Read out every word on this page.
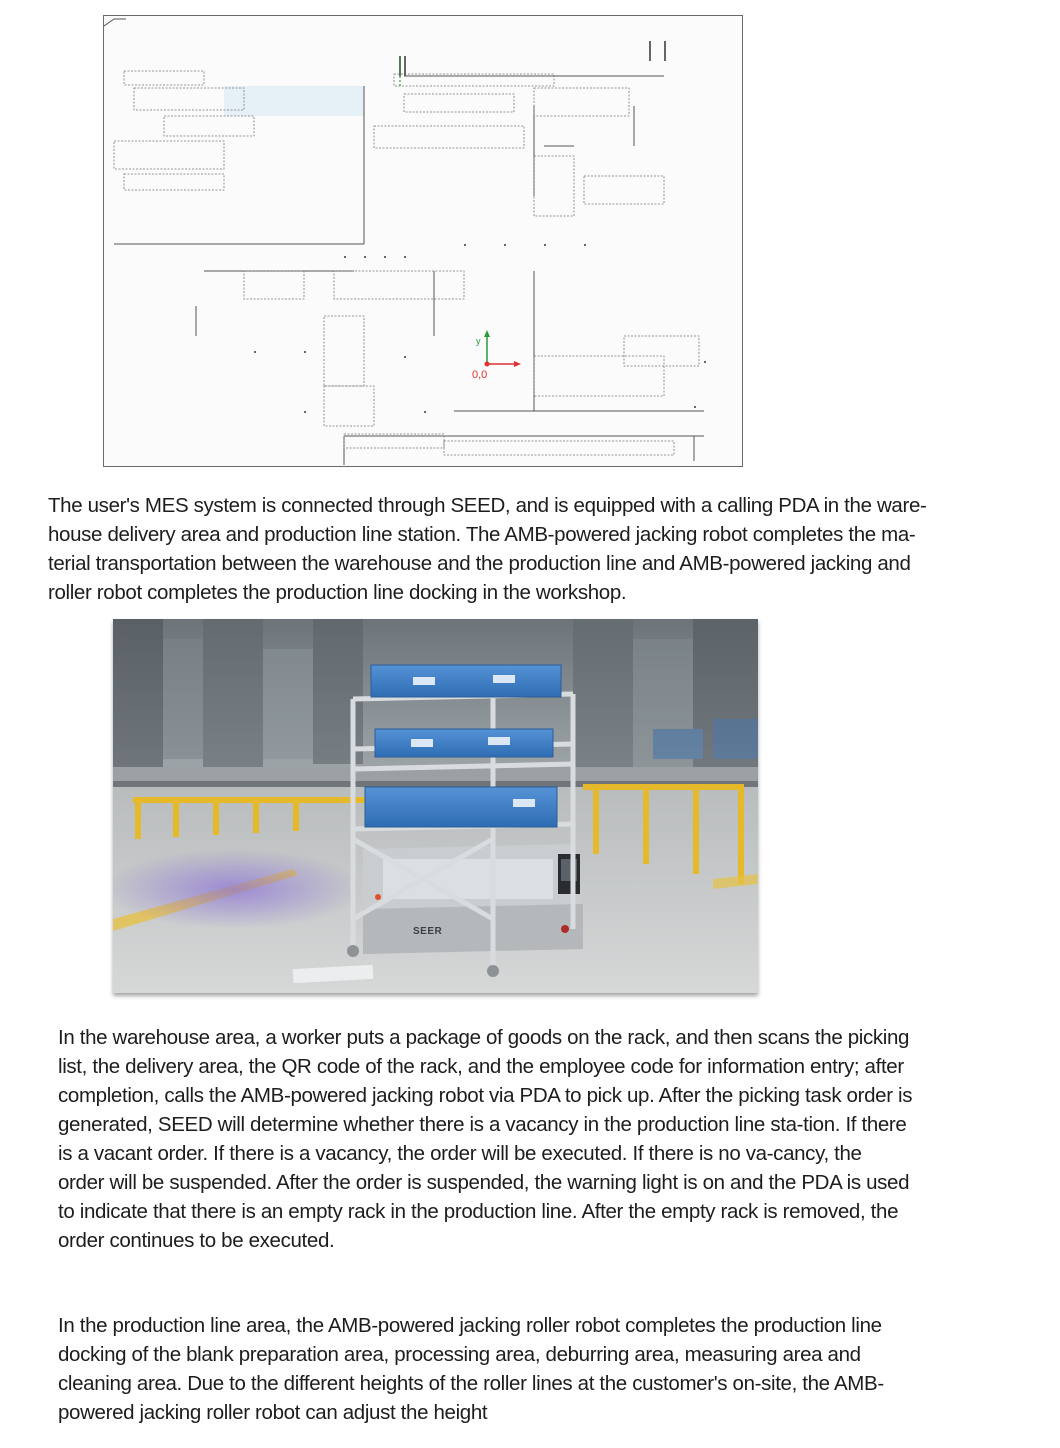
y
0,0

The user's MES system is connected through SEED, and is equipped with a calling PDA in the ware-house delivery area and production line station. The AMB-powered jacking robot completes the ma-terial transportation between the warehouse and the production line and AMB-powered jacking and roller robot completes the production line docking in the workshop.

SEER

In the warehouse area, a worker puts a package of goods on the rack, and then scans the picking list, the delivery area, the QR code of the rack, and the employee code for information entry; after completion, calls the AMB-powered jacking robot via PDA to pick up. After the picking task order is generated, SEED will determine whether there is a vacancy in the production line sta-tion. If there is a vacant order. If there is a vacancy, the order will be executed. If there is no va-cancy, the order will be suspended. After the order is suspended, the warning light is on and the PDA is used to indicate that there is an empty rack in the production line. After the empty rack is removed, the order continues to be executed.

In the production line area, the AMB-powered jacking roller robot completes the production line docking of the blank preparation area, processing area, deburring area, measuring area and cleaning area. Due to the different heights of the roller lines at the customer's on-site, the AMB-powered jacking roller robot can adjust the height
